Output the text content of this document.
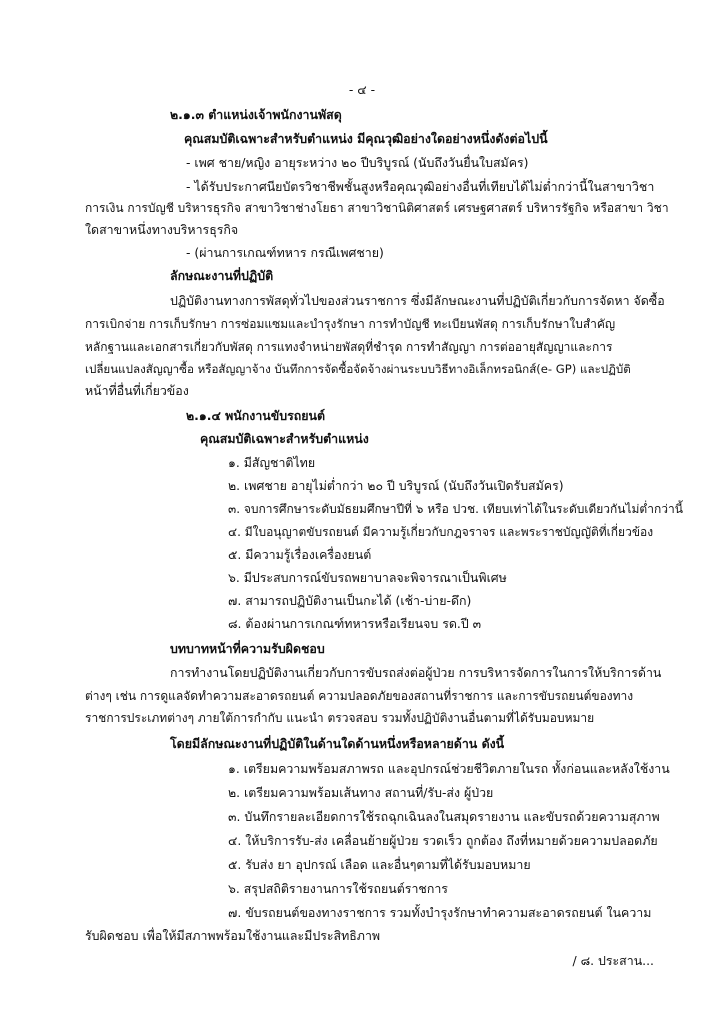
- ๔ -
๒.๑.๓ ตำแหน่งเจ้าพนักงานพัสดุ
คุณสมบัติเฉพาะสำหรับตำแหน่ง มีคุณวุฒิอย่างใดอย่างหนึ่งดังต่อไปนี้
- เพศ ชาย/หญิง อายุระหว่าง ๒๐ ปีบริบูรณ์ (นับถึงวันยื่นใบสมัคร)
- ได้รับประกาศนียบัตรวิชาชีพชั้นสูงหรือคุณวุฒิอย่างอื่นที่เทียบได้ไม่ต่ำกว่านี้ในสาขาวิชา
การเงิน การบัญชี บริหารธุรกิจ สาขาวิชาช่างโยธา สาขาวิชานิติศาสตร์ เศรษฐศาสตร์ บริหารรัฐกิจ หรือสาขา วิชา
ใดสาขาหนึ่งทางบริหารธุรกิจ
- (ผ่านการเกณฑ์ทหาร กรณีเพศชาย)
ลักษณะงานที่ปฏิบัติ
ปฏิบัติงานทางการพัสดุทั่วไปของส่วนราชการ ซึ่งมีลักษณะงานที่ปฏิบัติเกี่ยวกับการจัดหา จัดซื้อ
การเบิกจ่าย การเก็บรักษา การซ่อมแซมและบำรุงรักษา การทำบัญชี ทะเบียนพัสดุ การเก็บรักษาใบสำคัญ
หลักฐานและเอกสารเกี่ยวกับพัสดุ การแทงจำหน่ายพัสดุที่ชำรุด การทำสัญญา การต่ออายุสัญญาและการ
เปลี่ยนแปลงสัญญาซื้อ หรือสัญญาจ้าง บันทึกการจัดซื้อจัดจ้างผ่านระบบวิธีทางอิเล็กทรอนิกส์(e- GP) และปฏิบัติ
หน้าที่อื่นที่เกี่ยวข้อง
๒.๑.๔ พนักงานขับรถยนต์
คุณสมบัติเฉพาะสำหรับตำแหน่ง
๑. มีสัญชาติไทย
๒. เพศชาย อายุไม่ต่ำกว่า ๒๐ ปี บริบูรณ์ (นับถึงวันเปิดรับสมัคร)
๓. จบการศึกษาระดับมัธยมศึกษาปีที่ ๖ หรือ ปวช. เทียบเท่าได้ในระดับเดียวกันไม่ต่ำกว่านี้
๔. มีใบอนุญาตขับรถยนต์ มีความรู้เกี่ยวกับกฎจราจร และพระราชบัญญัติที่เกี่ยวข้อง
๕. มีความรู้เรื่องเครื่องยนต์
๖. มีประสบการณ์ขับรถพยาบาลจะพิจารณาเป็นพิเศษ
๗. สามารถปฏิบัติงานเป็นกะได้ (เช้า-บ่าย-ดึก)
๘. ต้องผ่านการเกณฑ์ทหารหรือเรียนจบ รด.ปี ๓
บทบาทหน้าที่ความรับผิดชอบ
การทำงานโดยปฏิบัติงานเกี่ยวกับการขับรถส่งต่อผู้ป่วย การบริหารจัดการในการให้บริการด้าน
ต่างๆ เช่น การดูแลจัดทำความสะอาดรถยนต์ ความปลอดภัยของสถานที่ราชการ และการขับรถยนต์ของทาง
ราชการประเภทต่างๆ ภายใต้การกำกับ แนะนำ ตรวจสอบ รวมทั้งปฏิบัติงานอื่นตามที่ได้รับมอบหมาย
โดยมีลักษณะงานที่ปฏิบัติในด้านใดด้านหนึ่งหรือหลายด้าน ดังนี้
๑. เตรียมความพร้อมสภาพรถ และอุปกรณ์ช่วยชีวิตภายในรถ ทั้งก่อนและหลังใช้งาน
๒. เตรียมความพร้อมเส้นทาง สถานที่/รับ-ส่ง ผู้ป่วย
๓. บันทึกรายละเอียดการใช้รถฉุกเฉินลงในสมุดรายงาน และขับรถด้วยความสุภาพ
๔. ให้บริการรับ-ส่ง เคลื่อนย้ายผู้ป่วย รวดเร็ว ถูกต้อง ถึงที่หมายด้วยความปลอดภัย
๕. รับส่ง ยา อุปกรณ์ เลือด และอื่นๆตามที่ได้รับมอบหมาย
๖. สรุปสถิติรายงานการใช้รถยนต์ราชการ
๗. ขับรถยนต์ของทางราชการ รวมทั้งบำรุงรักษาทำความสะอาดรถยนต์ ในความ
รับผิดชอบ เพื่อให้มีสภาพพร้อมใช้งานและมีประสิทธิภาพ
/ ๘. ประสาน...
